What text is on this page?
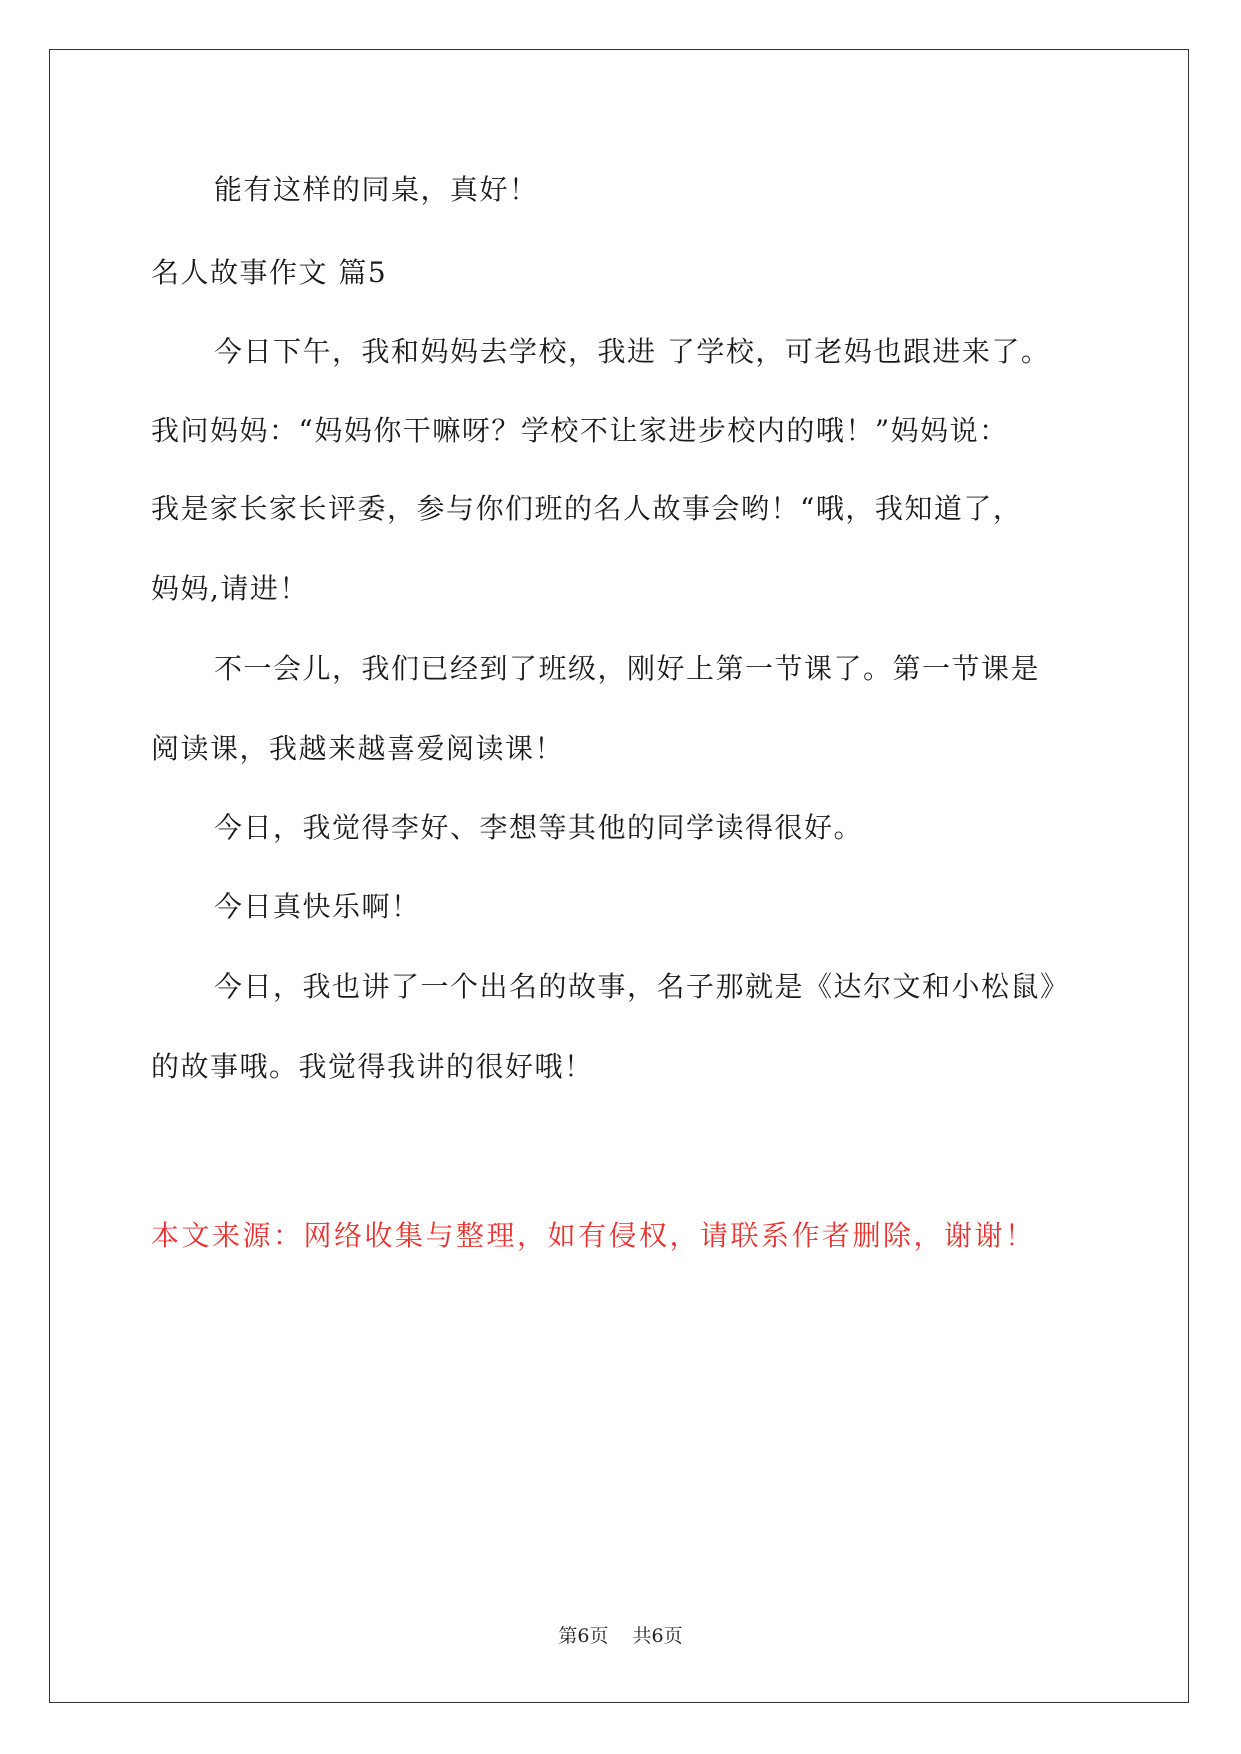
能有这样的同桌，真好！
名人故事作文 篇5
今日下午，我和妈妈去学校，我进 了学校，可老妈也跟进来了。
我问妈妈：“妈妈你干嘛呀？学校不让家进步校内的哦！”妈妈说：
我是家长家长评委，参与你们班的名人故事会哟！“哦，我知道了，
妈妈,请进！
不一会儿，我们已经到了班级，刚好上第一节课了。第一节课是
阅读课，我越来越喜爱阅读课！
今日，我觉得李好、李想等其他的同学读得很好。
今日真快乐啊！
今日，我也讲了一个出名的故事，名子那就是《达尔文和小松鼠》
的故事哦。我觉得我讲的很好哦！
本文来源：网络收集与整理，如有侵权，请联系作者删除，谢谢！
第6页 共6页
